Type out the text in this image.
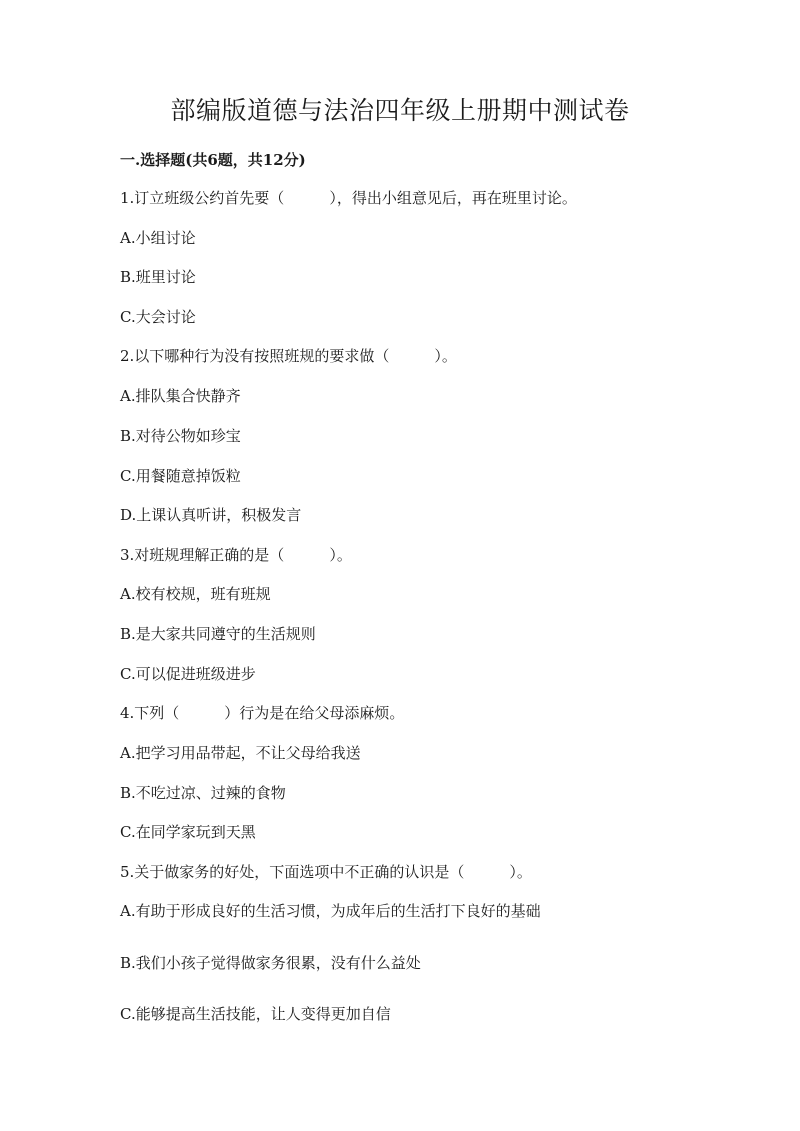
部编版道德与法治四年级上册期中测试卷
一.选择题(共6题，共12分)
1.订立班级公约首先要（　　　），得出小组意见后，再在班里讨论。
A.小组讨论
B.班里讨论
C.大会讨论
2.以下哪种行为没有按照班规的要求做（　　　）。
A.排队集合快静齐
B.对待公物如珍宝
C.用餐随意掉饭粒
D.上课认真听讲，积极发言
3.对班规理解正确的是（　　　）。
A.校有校规，班有班规
B.是大家共同遵守的生活规则
C.可以促进班级进步
4.下列（　　　）行为是在给父母添麻烦。
A.把学习用品带起，不让父母给我送
B.不吃过凉、过辣的食物
C.在同学家玩到天黑
5.关于做家务的好处，下面选项中不正确的认识是（　　　）。
A.有助于形成良好的生活习惯，为成年后的生活打下良好的基础
B.我们小孩子觉得做家务很累，没有什么益处
C.能够提高生活技能，让人变得更加自信
